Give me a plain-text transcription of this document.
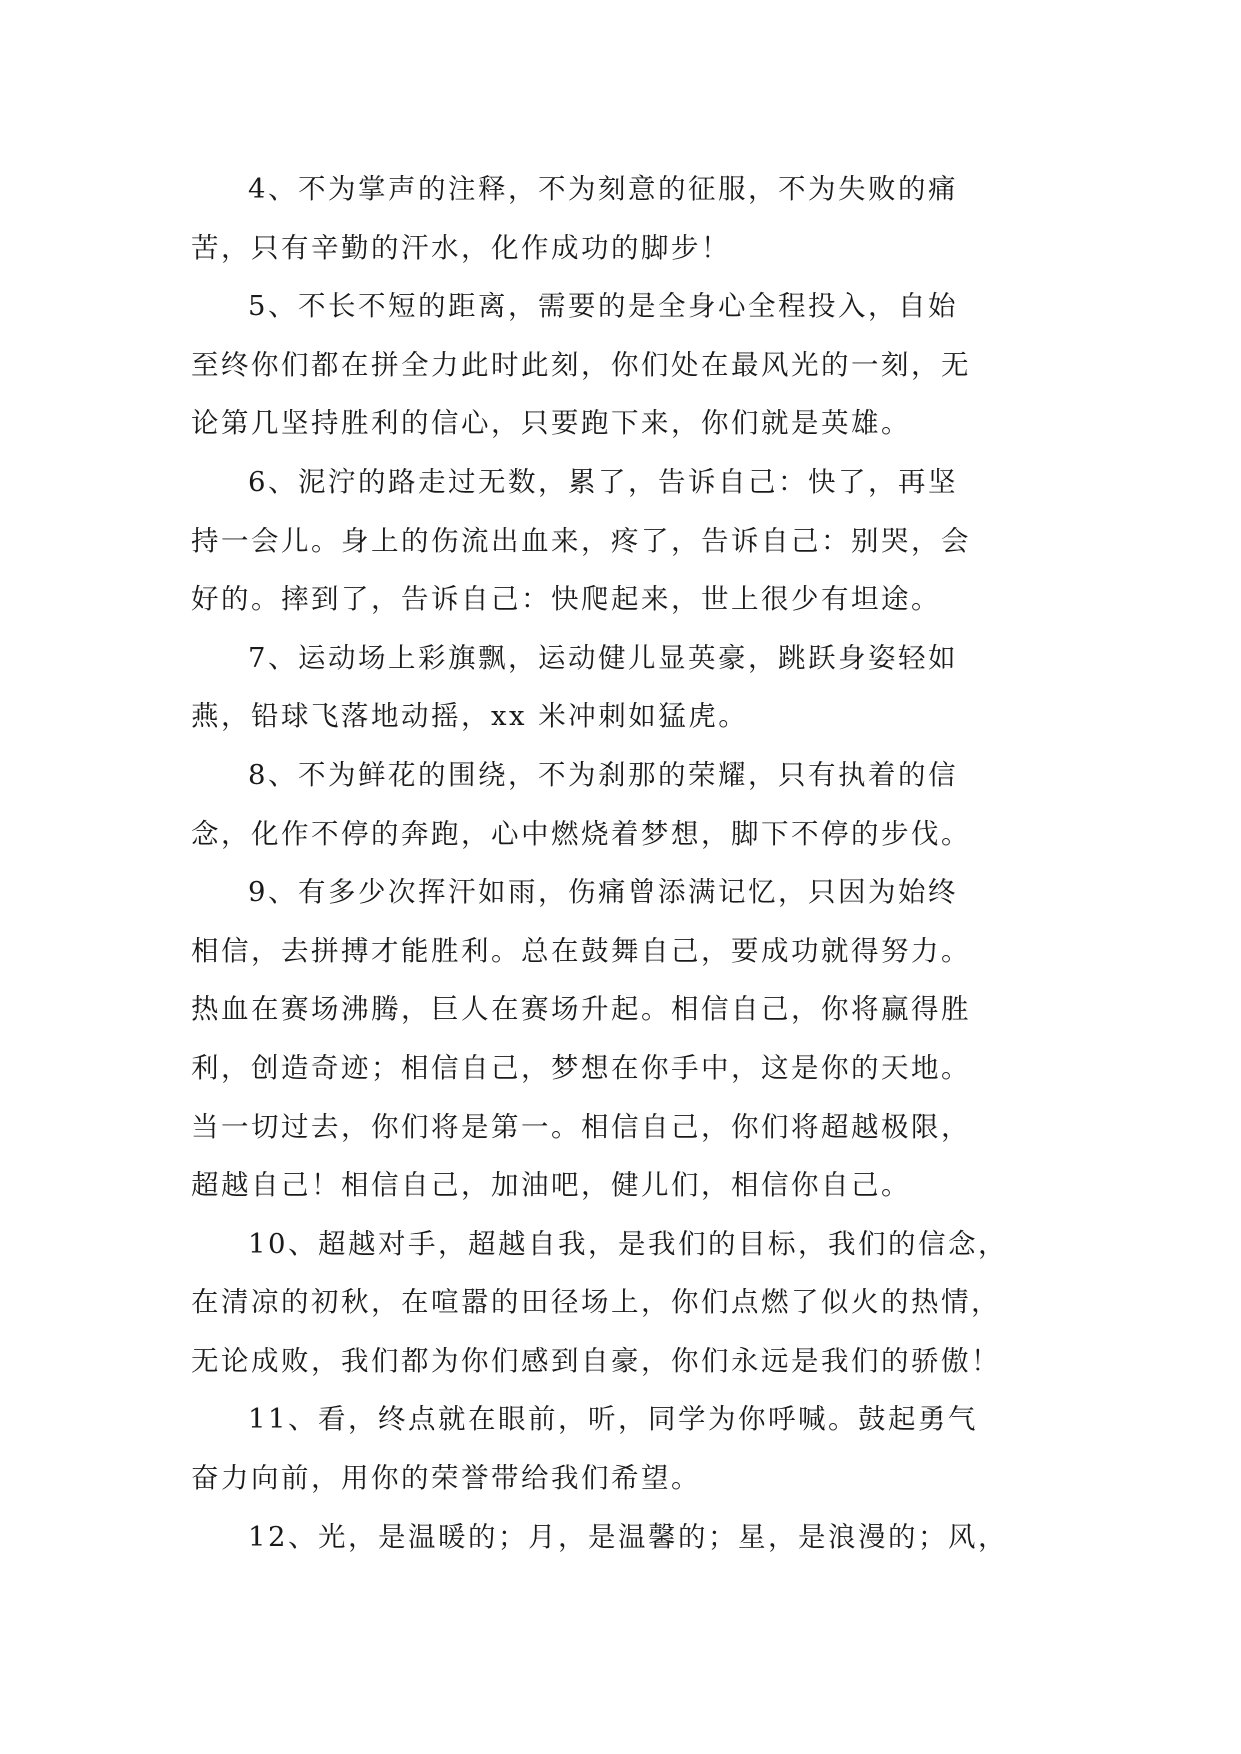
4、不为掌声的注释，不为刻意的征服，不为失败的痛
苦，只有辛勤的汗水，化作成功的脚步！
5、不长不短的距离，需要的是全身心全程投入，自始
至终你们都在拼全力此时此刻，你们处在最风光的一刻，无
论第几坚持胜利的信心，只要跑下来，你们就是英雄。
6、泥泞的路走过无数，累了，告诉自己：快了，再坚
持一会儿。身上的伤流出血来，疼了，告诉自己：别哭，会
好的。摔到了，告诉自己：快爬起来，世上很少有坦途。
7、运动场上彩旗飘，运动健儿显英豪，跳跃身姿轻如
燕，铅球飞落地动摇，xx 米冲刺如猛虎。
8、不为鲜花的围绕，不为刹那的荣耀，只有执着的信
念，化作不停的奔跑，心中燃烧着梦想，脚下不停的步伐。
9、有多少次挥汗如雨，伤痛曾添满记忆，只因为始终
相信，去拼搏才能胜利。总在鼓舞自己，要成功就得努力。
热血在赛场沸腾，巨人在赛场升起。相信自己，你将赢得胜
利，创造奇迹；相信自己，梦想在你手中，这是你的天地。
当一切过去，你们将是第一。相信自己，你们将超越极限，
超越自己！相信自己，加油吧，健儿们，相信你自己。
10、超越对手，超越自我，是我们的目标，我们的信念，
在清凉的初秋，在喧嚣的田径场上，你们点燃了似火的热情，
无论成败，我们都为你们感到自豪，你们永远是我们的骄傲！
11、看，终点就在眼前，听，同学为你呼喊。鼓起勇气
奋力向前，用你的荣誉带给我们希望。
12、光，是温暖的；月，是温馨的；星，是浪漫的；风，
